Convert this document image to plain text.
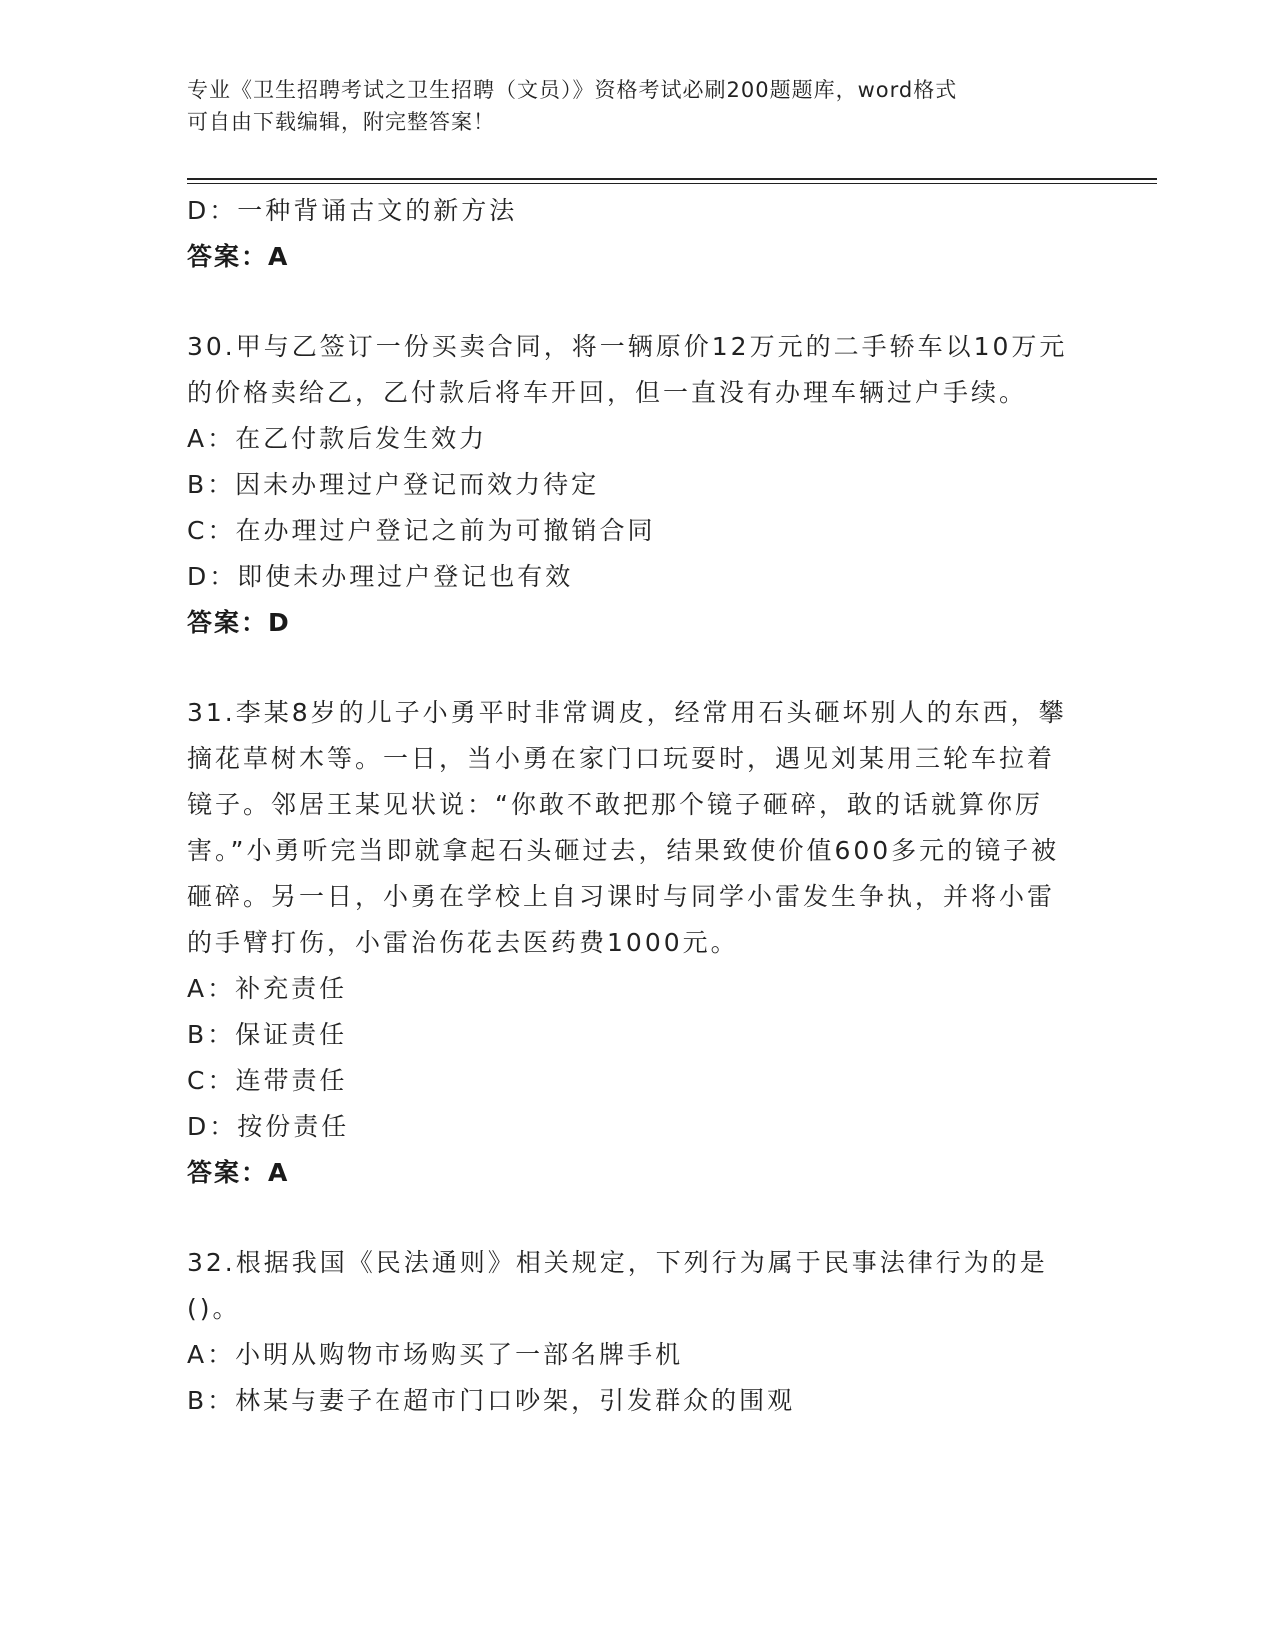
专业《卫生招聘考试之卫生招聘（文员）》资格考试必刷200题题库，word格式
可自由下载编辑，附完整答案！
D：一种背诵古文的新方法
答案：A
30.甲与乙签订一份买卖合同，将一辆原价12万元的二手轿车以10万元的价格卖给乙，乙付款后将车开回，但一直没有办理车辆过户手续。
A：在乙付款后发生效力
B：因未办理过户登记而效力待定
C：在办理过户登记之前为可撤销合同
D：即使未办理过户登记也有效
答案：D
31.李某8岁的儿子小勇平时非常调皮，经常用石头砸坏别人的东西，攀摘花草树木等。一日，当小勇在家门口玩耍时，遇见刘某用三轮车拉着镜子。邻居王某见状说：“你敢不敢把那个镜子砸碎，敢的话就算你厉害。”小勇听完当即就拿起石头砸过去，结果致使价值600多元的镜子被砸碎。另一日，小勇在学校上自习课时与同学小雷发生争执，并将小雷的手臂打伤，小雷治伤花去医药费1000元。
A：补充责任
B：保证责任
C：连带责任
D：按份责任
答案：A
32.根据我国《民法通则》相关规定，下列行为属于民事法律行为的是()。
A：小明从购物市场购买了一部名牌手机
B：林某与妻子在超市门口吵架，引发群众的围观
